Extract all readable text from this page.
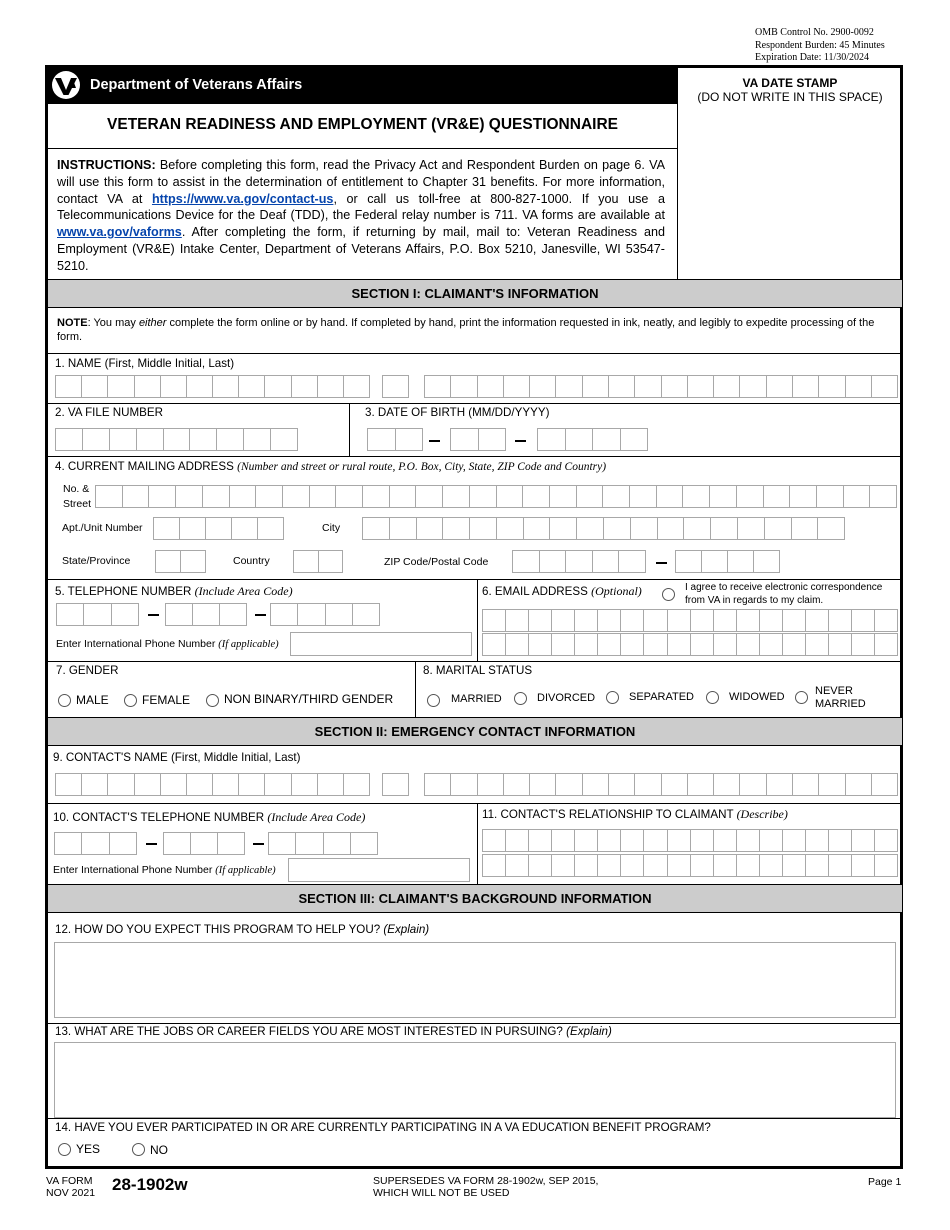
OMB Control No. 2900-0092
Respondent Burden: 45 Minutes
Expiration Date: 11/30/2024
Department of Veterans Affairs
VETERAN READINESS AND EMPLOYMENT (VR&E) QUESTIONNAIRE
VA DATE STAMP
(DO NOT WRITE IN THIS SPACE)
INSTRUCTIONS: Before completing this form, read the Privacy Act and Respondent Burden on page 6. VA will use this form to assist in the determination of entitlement to Chapter 31 benefits. For more information, contact VA at https://www.va.gov/contact-us, or call us toll-free at 800-827-1000. If you use a Telecommunications Device for the Deaf (TDD), the Federal relay number is 711. VA forms are available at www.va.gov/vaforms. After completing the form, if returning by mail, mail to: Veteran Readiness and Employment (VR&E) Intake Center, Department of Veterans Affairs, P.O. Box 5210, Janesville, WI 53547-5210.
SECTION I: CLAIMANT'S INFORMATION
NOTE: You may either complete the form online or by hand. If completed by hand, print the information requested in ink, neatly, and legibly to expedite processing of the form.
1. NAME (First, Middle Initial, Last)
2. VA FILE NUMBER	3. DATE OF BIRTH (MM/DD/YYYY)
4. CURRENT MAILING ADDRESS (Number and street or rural route, P.O. Box, City, State, ZIP Code and Country)
No. &
Street
Apt./Unit Number	City
State/Province	Country	ZIP Code/Postal Code
5. TELEPHONE NUMBER (Include Area Code)
Enter International Phone Number (If applicable)
6. EMAIL ADDRESS (Optional)	I agree to receive electronic correspondence
from VA in regards to my claim.
7. GENDER
MALE	FEMALE	NON BINARY/THIRD GENDER
8. MARITAL STATUS
MARRIED	DIVORCED	SEPARATED	WIDOWED	NEVER
MARRIED
SECTION II: EMERGENCY CONTACT INFORMATION
9. CONTACT'S NAME (First, Middle Initial, Last)
10. CONTACT'S TELEPHONE NUMBER (Include Area Code)
Enter International Phone Number (If applicable)
11. CONTACT'S RELATIONSHIP TO CLAIMANT (Describe)
SECTION III: CLAIMANT'S BACKGROUND INFORMATION
12. HOW DO YOU EXPECT THIS PROGRAM TO HELP YOU? (Explain)
13. WHAT ARE THE JOBS OR CAREER FIELDS YOU ARE MOST INTERESTED IN PURSUING? (Explain)
14. HAVE YOU EVER PARTICIPATED IN OR ARE CURRENTLY PARTICIPATING IN A VA EDUCATION BENEFIT PROGRAM?
YES	NO
VA FORM
NOV 2021 28-1902w	SUPERSEDES VA FORM 28-1902w, SEP 2015,
WHICH WILL NOT BE USED
Page 1
